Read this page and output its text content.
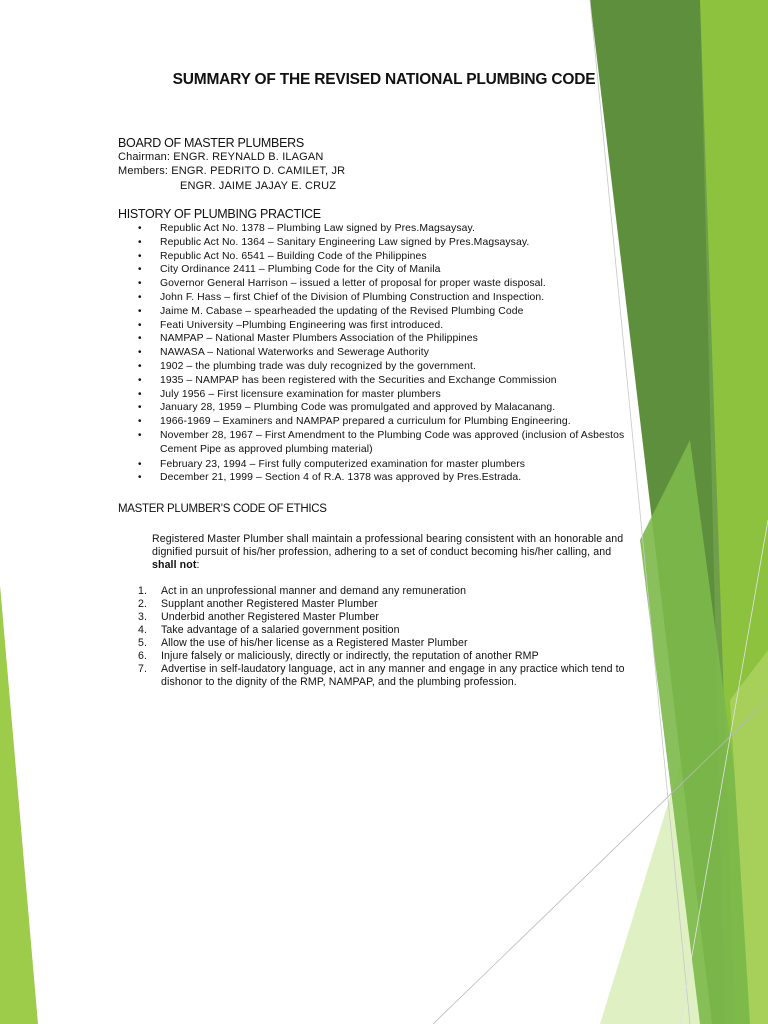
SUMMARY OF THE REVISED NATIONAL PLUMBING CODE
BOARD OF MASTER PLUMBERS
Chairman: ENGR. REYNALD B. ILAGAN
Members: ENGR. PEDRITO D. CAMILET, JR
ENGR. JAIME JAJAY E. CRUZ
HISTORY OF PLUMBING PRACTICE
• Republic Act No. 1378 – Plumbing Law signed by Pres.Magsaysay.
• Republic Act No. 1364 – Sanitary Engineering Law signed by Pres.Magsaysay.
• Republic Act No. 6541 – Building Code of the Philippines
• City Ordinance 2411 – Plumbing Code for the City of Manila
• Governor General Harrison – issued a letter of proposal for proper waste disposal.
• John F. Hass – first Chief of the Division of Plumbing Construction and Inspection.
• Jaime M. Cabase – spearheaded the updating of the Revised Plumbing Code
• Feati University –Plumbing Engineering was first introduced.
• NAMPAP – National Master Plumbers Association of the Philippines
• NAWASA – National Waterworks and Sewerage Authority
• 1902 – the plumbing trade was duly recognized by the government.
• 1935 – NAMPAP has been registered with the Securities and Exchange Commission
• July 1956 – First licensure examination for master plumbers
• January 28, 1959 – Plumbing Code was promulgated and approved by Malacanang.
• 1966-1969 – Examiners and NAMPAP prepared a curriculum for Plumbing Engineering.
• November 28, 1967 – First Amendment to the Plumbing Code was approved (inclusion of Asbestos Cement Pipe as approved plumbing material)
• February 23, 1994 – First fully computerized examination for master plumbers
• December 21, 1999 – Section 4 of R.A. 1378 was approved by Pres.Estrada.
MASTER PLUMBER’S CODE OF ETHICS
Registered Master Plumber shall maintain a professional bearing consistent with an honorable and dignified pursuit of his/her profession, adhering to a set of conduct becoming his/her calling, and shall not:
1. Act in an unprofessional manner and demand any remuneration
2. Supplant another Registered Master Plumber
3. Underbid another Registered Master Plumber
4. Take advantage of a salaried government position
5. Allow the use of his/her license as a Registered Master Plumber
6. Injure falsely or maliciously, directly or indirectly, the reputation of another RMP
7. Advertise in self-laudatory language, act in any manner and engage in any practice which tend to dishonor to the dignity of the RMP, NAMPAP, and the plumbing profession.
